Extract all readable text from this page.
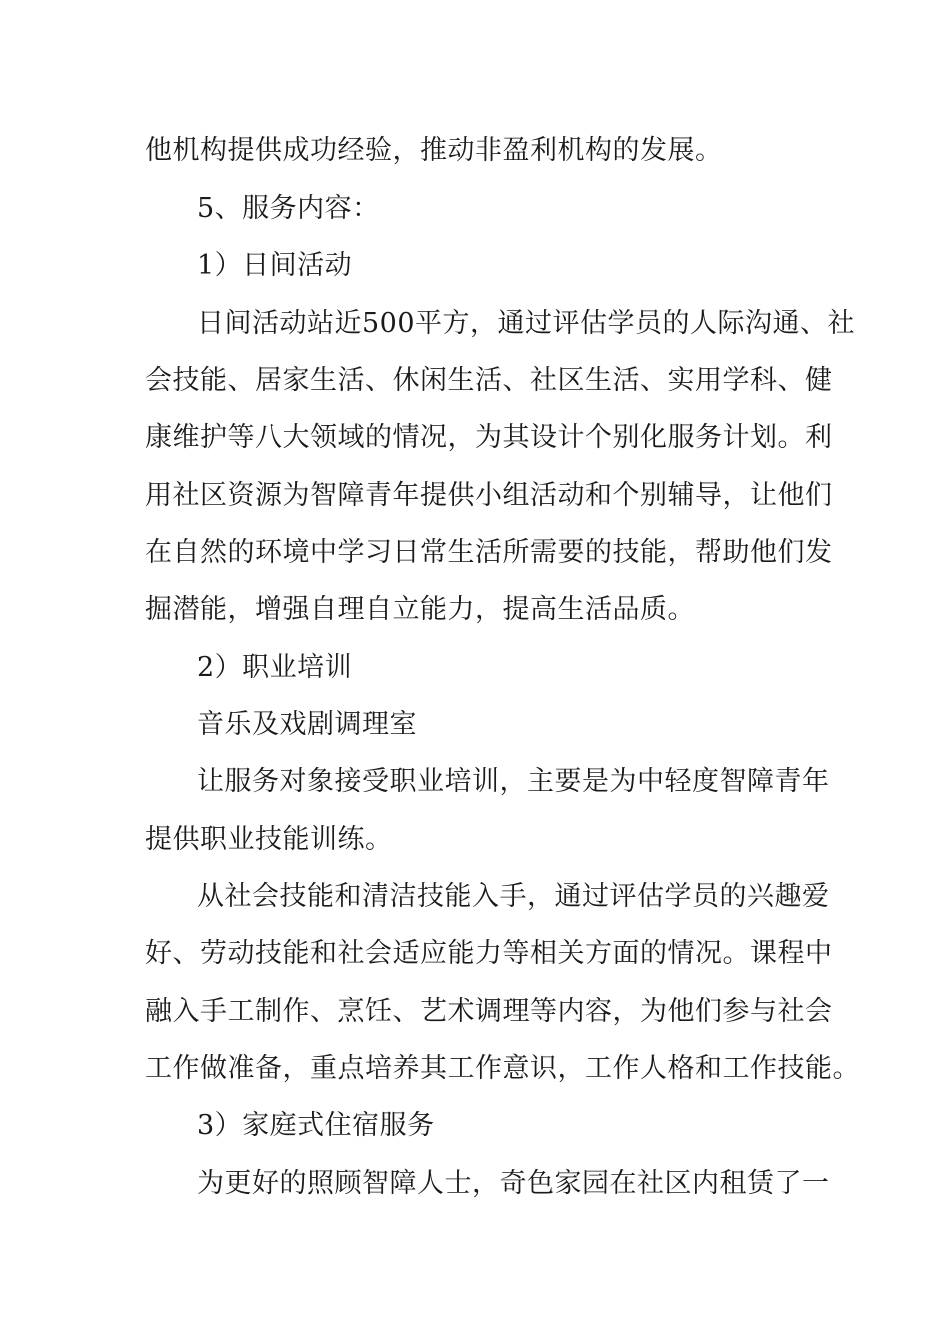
他机构提供成功经验，推动非盈利机构的发展。
5、服务内容：
1）日间活动
日间活动站近500平方，通过评估学员的人际沟通、社
会技能、居家生活、休闲生活、社区生活、实用学科、健
康维护等八大领域的情况，为其设计个别化服务计划。利
用社区资源为智障青年提供小组活动和个别辅导，让他们
在自然的环境中学习日常生活所需要的技能，帮助他们发
掘潜能，增强自理自立能力，提高生活品质。
2）职业培训
音乐及戏剧调理室
让服务对象接受职业培训，主要是为中轻度智障青年
提供职业技能训练。
从社会技能和清洁技能入手，通过评估学员的兴趣爱
好、劳动技能和社会适应能力等相关方面的情况。课程中
融入手工制作、烹饪、艺术调理等内容，为他们参与社会
工作做准备，重点培养其工作意识，工作人格和工作技能。
3）家庭式住宿服务
为更好的照顾智障人士，奇色家园在社区内租赁了一
